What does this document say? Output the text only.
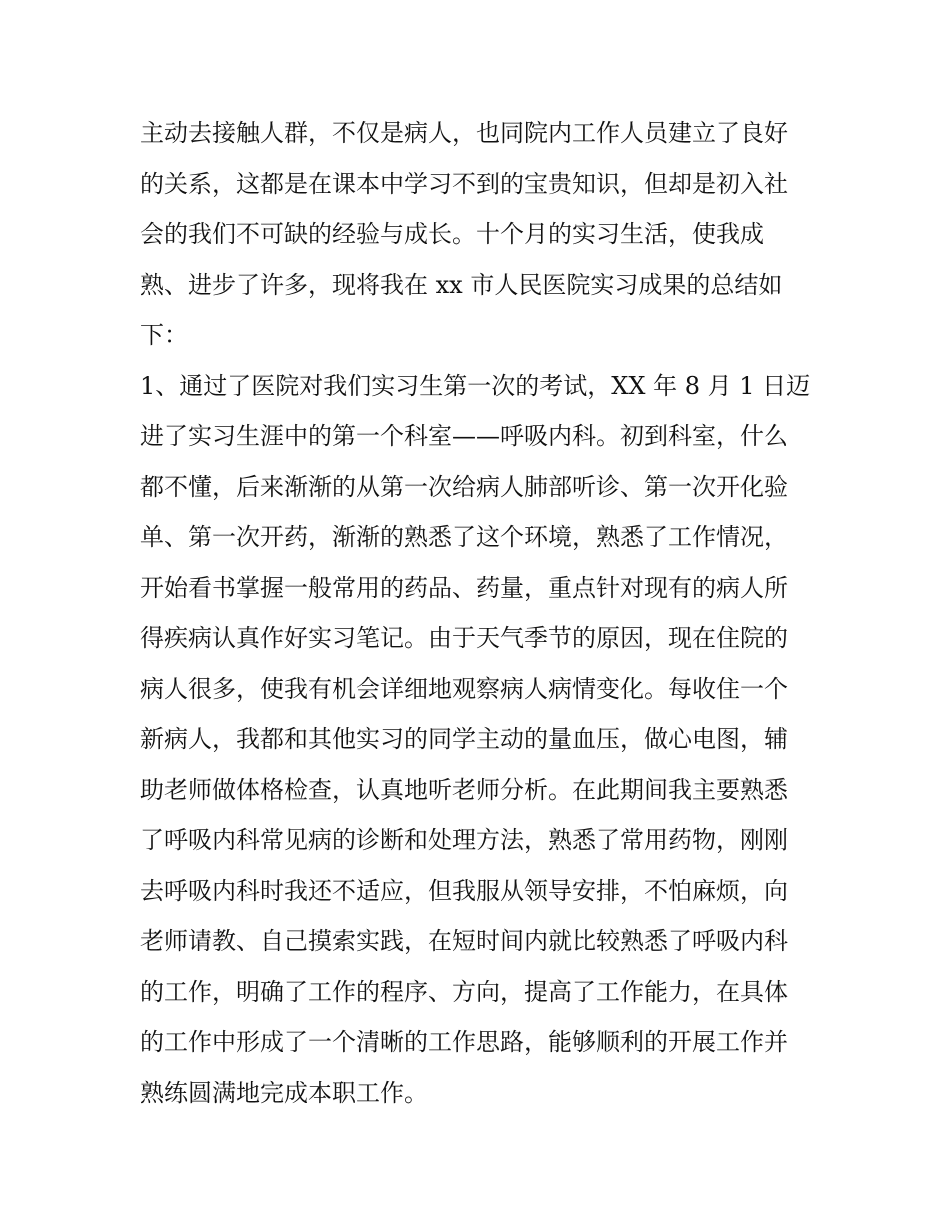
主动去接触人群，不仅是病人，也同院内工作人员建立了良好
的关系，这都是在课本中学习不到的宝贵知识，但却是初入社
会的我们不可缺的经验与成长。十个月的实习生活，使我成
熟、进步了许多，现将我在 xx 市人民医院实习成果的总结如
下：
1、通过了医院对我们实习生第一次的考试，XX 年 8 月 1 日迈
进了实习生涯中的第一个科室——呼吸内科。初到科室，什么
都不懂，后来渐渐的从第一次给病人肺部听诊、第一次开化验
单、第一次开药，渐渐的熟悉了这个环境，熟悉了工作情况，
开始看书掌握一般常用的药品、药量，重点针对现有的病人所
得疾病认真作好实习笔记。由于天气季节的原因，现在住院的
病人很多，使我有机会详细地观察病人病情变化。每收住一个
新病人，我都和其他实习的同学主动的量血压，做心电图，辅
助老师做体格检查，认真地听老师分析。在此期间我主要熟悉
了呼吸内科常见病的诊断和处理方法，熟悉了常用药物，刚刚
去呼吸内科时我还不适应，但我服从领导安排，不怕麻烦，向
老师请教、自己摸索实践，在短时间内就比较熟悉了呼吸内科
的工作，明确了工作的程序、方向，提高了工作能力，在具体
的工作中形成了一个清晰的工作思路，能够顺利的开展工作并
熟练圆满地完成本职工作。
